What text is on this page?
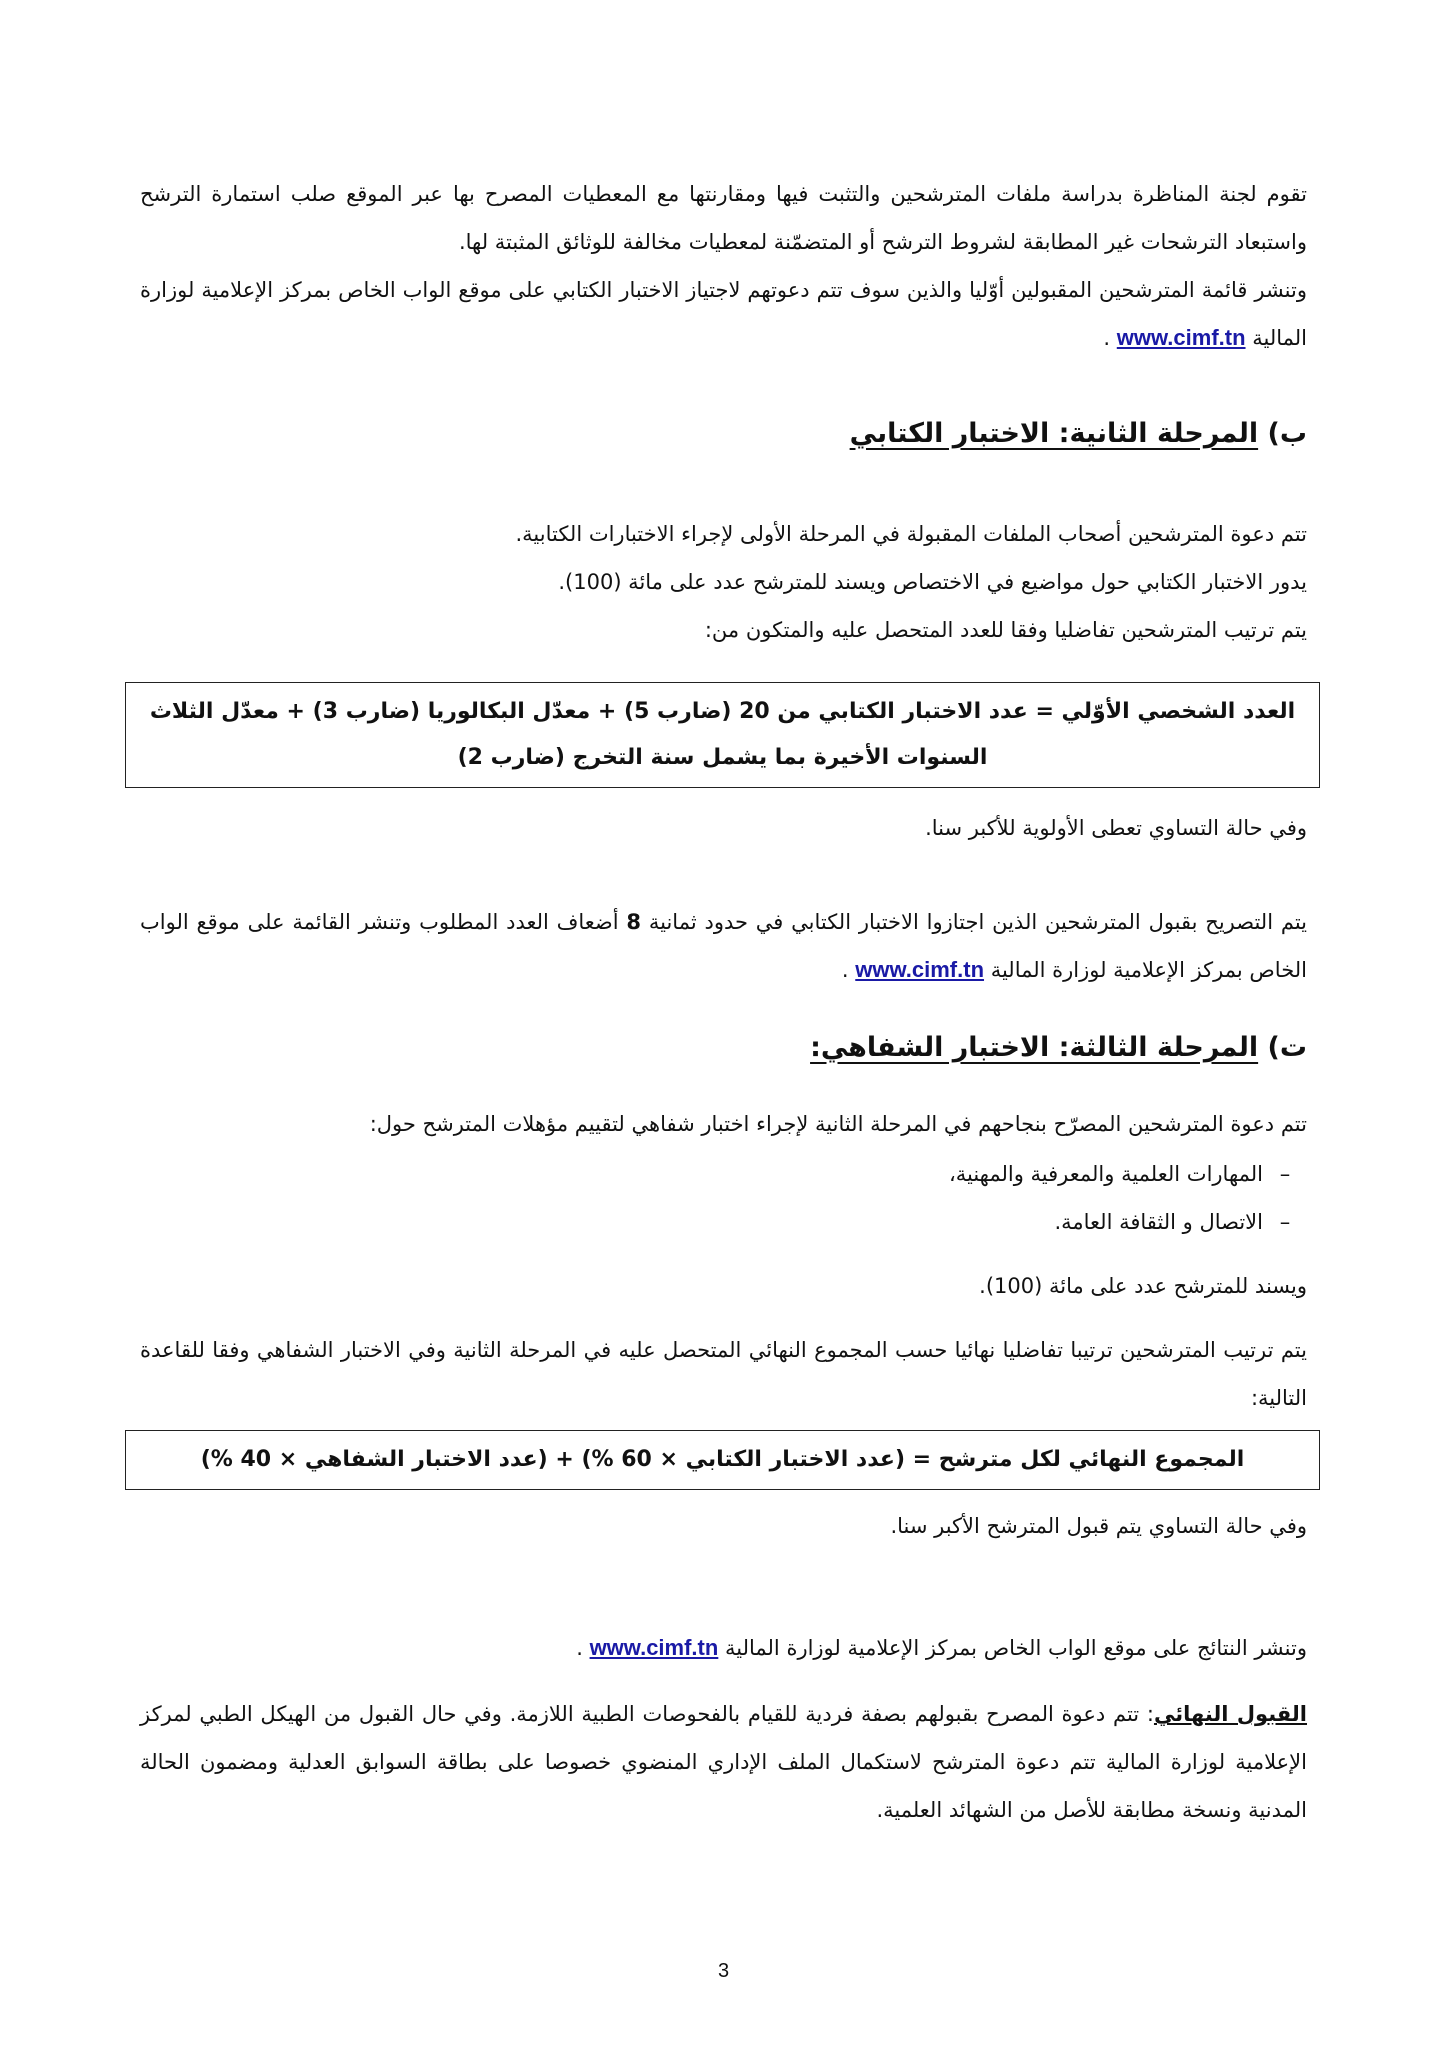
تقوم لجنة المناظرة بدراسة ملفات المترشحين والتثبت فيها ومقارنتها مع المعطيات المصرح بها عبر الموقع صلب استمارة الترشح واستبعاد الترشحات غير المطابقة لشروط الترشح أو المتضمّنة لمعطيات مخالفة للوثائق المثبتة لها.

وتنشر قائمة المترشحين المقبولين أوّليا والذين سوف تتم دعوتهم لاجتياز الاختبار الكتابي على موقع الواب الخاص بمركز الإعلامية لوزارة المالية www.cimf.tn .

ب) المرحلة الثانية: الاختبار الكتابي

تتم دعوة المترشحين أصحاب الملفات المقبولة في المرحلة الأولى لإجراء الاختبارات الكتابية.

يدور الاختبار الكتابي حول مواضيع في الاختصاص ويسند للمترشح عدد على مائة (100).

يتم ترتيب المترشحين تفاضليا وفقا للعدد المتحصل عليه والمتكون من:

العدد الشخصي الأوّلي = عدد الاختبار الكتابي من 20 (ضارب 5) + معدّل البكالوريا (ضارب 3) + معدّل الثلاث السنوات الأخيرة بما يشمل سنة التخرج (ضارب 2)

وفي حالة التساوي تعطى الأولوية للأكبر سنا.

يتم التصريح بقبول المترشحين الذين اجتازوا الاختبار الكتابي في حدود ثمانية 8 أضعاف العدد المطلوب وتنشر القائمة على موقع الواب الخاص بمركز الإعلامية لوزارة المالية www.cimf.tn .

ت) المرحلة الثالثة: الاختبار الشفاهي:

تتم دعوة المترشحين المصرّح بنجاحهم في المرحلة الثانية لإجراء اختبار شفاهي لتقييم مؤهلات المترشح حول:

–المهارات العلمية والمعرفية والمهنية،
–الاتصال و الثقافة العامة.

ويسند للمترشح عدد على مائة (100).

يتم ترتيب المترشحين ترتيبا تفاضليا نهائيا حسب المجموع النهائي المتحصل عليه في المرحلة الثانية وفي الاختبار الشفاهي وفقا للقاعدة التالية:

المجموع النهائي لكل مترشح = (عدد الاختبار الكتابي × 60 %) + (عدد الاختبار الشفاهي × 40 %)

وفي حالة التساوي يتم قبول المترشح الأكبر سنا.

وتنشر النتائج على موقع الواب الخاص بمركز الإعلامية لوزارة المالية www.cimf.tn .

القبول النهائي: تتم دعوة المصرح بقبولهم بصفة فردية للقيام بالفحوصات الطبية اللازمة. وفي حال القبول من الهيكل الطبي لمركز الإعلامية لوزارة المالية تتم دعوة المترشح لاستكمال الملف الإداري المنضوي خصوصا على بطاقة السوابق العدلية ومضمون الحالة المدنية ونسخة مطابقة للأصل من الشهائد العلمية.

3
